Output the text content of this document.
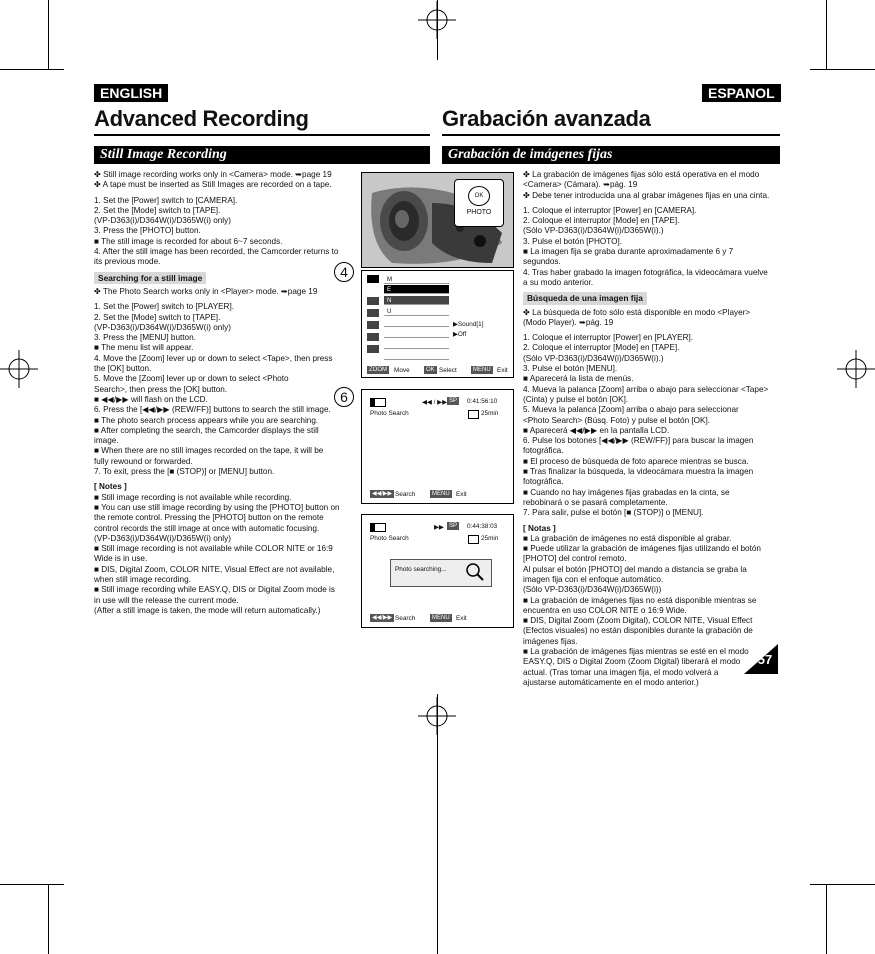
ENGLISH	ESPANOL
Advanced Recording	Grabación avanzada
Still Image Recording	Grabación de imágenes fijas
✤ Still image recording works only in <Camera> mode. ➥page 19
✤ A tape must be inserted as Still Images are recorded on a tape.
1. Set the [Power] switch to [CAMERA].
2. Set the [Mode] switch to [TAPE].
(VP-D363(i)/D364W(i)/D365W(i) only)
3. Press the [PHOTO] button.
■ The still image is recorded for about 6~7 seconds.
4. After the still image has been recorded, the Camcorder returns to
its previous mode.
Searching for a still image
✤ The Photo Search works only in <Player> mode. ➥page 19
1. Set the [Power] switch to [PLAYER].
2. Set the [Mode] switch to [TAPE].
(VP-D363(i)/D364W(i)/D365W(i) only)
3. Press the [MENU] button.
■ The menu list will appear.
4. Move the [Zoom] lever up or down to select <Tape>, then press
the [OK] button.
5. Move the [Zoom] lever up or down to select <Photo
Search>, then press the [OK] button.
■ ◀◀/▶▶ will flash on the LCD.
6. Press the [◀◀/▶▶ (REW/FF)] buttons to search the still image.
■ The photo search process appears while you are searching.
■ After completing the search, the Camcorder displays the still
image.
■ When there are no still images recorded on the tape, it will be
fully rewound or forwarded.
7. To exit, press the [■ (STOP)] or [MENU] button.
[ Notes ]
■ Still image recording is not available while recording.
■ You can use still image recording by using the [PHOTO] button on
the remote control. Pressing the [PHOTO] button on the remote
control records the still image at once with automatic focusing.
(VP-D363(i)/D364W(i)/D365W(i) only)
■ Still image recording is not available while COLOR NITE or 16:9
Wide is in use.
■ DIS, Digital Zoom, COLOR NITE, Visual Effect are not available,
when still image recording.
■ Still image recording while EASY.Q, DIS or Digital Zoom mode is
in use will the release the current mode.
(After a still image is taken, the mode will return automatically.)
✤ La grabación de imágenes fijas sólo está operativa en el modo
<Camera> (Cámara). ➥pág. 19
✤ Debe tener introducida una al grabar imágenes fijas en una cinta.
1. Coloque el interruptor [Power] en [CAMERA].
2. Coloque el interruptor [Mode] en [TAPE].
(Sólo VP-D363(i)/D364W(i)/D365W(i).)
3. Pulse el botón [PHOTO].
■ La imagen fija se graba durante aproximadamente 6 y 7
segundos.
4. Tras haber grabado la imagen fotográfica, la videocámara vuelve
a su modo anterior.
Búsqueda de una imagen fija
✤ La búsqueda de foto sólo está disponible en modo <Player>
(Modo Player). ➥pág. 19
1. Coloque el interruptor [Power] en [PLAYER].
2. Coloque el interruptor [Mode] en [TAPE].
(Sólo VP-D363(i)/D364W(i)/D365W(i).)
3. Pulse el botón [MENU].
■ Aparecerá la lista de menús.
4. Mueva la palanca [Zoom] arriba o abajo para seleccionar <Tape>
(Cinta) y pulse el botón [OK].
5. Mueva la palanca [Zoom] arriba o abajo para seleccionar
<Photo Search> (Búsq. Foto) y pulse el botón [OK].
■ Aparecerá ◀◀/▶▶ en la pantalla LCD.
6. Pulse los botones [◀◀/▶▶ (REW/FF)] para buscar la imagen
fotográfica.
■ El proceso de búsqueda de foto aparece mientras se busca.
■ Tras finalizar la búsqueda, la videocámara muestra la imagen
fotográfica.
■ Cuando no hay imágenes fijas grabadas en la cinta, se
rebobinará o se pasará completamente.
7. Para salir, pulse el botón [■ (STOP)] o [MENU].
[ Notas ]
■ La grabación de imágenes no está disponible al grabar.
■ Puede utilizar la grabación de imágenes fijas utilizando el botón
[PHOTO] del control remoto.
Al pulsar el botón [PHOTO] del mando a distancia se graba la
imagen fija con el enfoque automático.
(Sólo VP-D363(i)/D364W(i)/D365W(i))
■ La grabación de imágenes fijas no está disponible mientras se
encuentra en uso COLOR NITE o 16:9 Wide.
■ DIS, Digital Zoom (Zoom Digital), COLOR NITE, Visual Effect
(Efectos visuales) no están disponibles durante la grabación de
imágenes fijas.
■ La grabación de imágenes fijas mientras se esté en el modo
EASY.Q, DIS o Digital Zoom (Zoom Digital) liberará el modo
actual. (Tras tomar una imagen fija, el modo volverá a
ajustarse automáticamente en el modo anterior.)
OK
PHOTO
4	M
E
N
U
▶Sound[1]
▶Off
ZOOM	Move	OK Select	MENU Exit
6	◀◀ / ▶▶ SP	0:41:56:10
25min
Photo Search
◀◀/▶▶ Search	MENU Exit
▶▶ SP	0:44:38:03
25min
Photo Search
Photo searching...
◀◀/▶▶ Search	MENU Exit
57
